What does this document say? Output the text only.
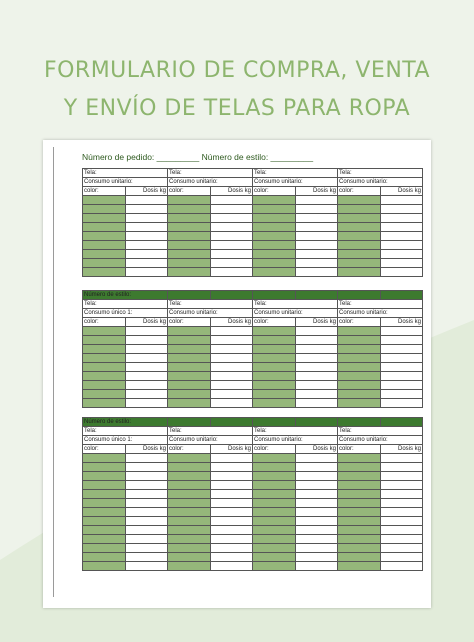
FORMULARIO DE COMPRA, VENTA
Y ENVÍO DE TELAS PARA ROPA
Número de pedido: _________ Número de estilo: _________
Tela:		Tela:		Tela:		Tela:	
Consumo unitario:		Consumo unitario:		Consumo unitario:		Consumo unitario:	
color:	Dosis kg	color:	Dosis kg	color:	Dosis kg	color:	Dosis kg

Número de estilo:							
Tela:		Tela:		Tela:		Tela:	
Consumo único 1:		Consumo unitario:		Consumo unitario:		Consumo unitario:	
color:	Dosis kg	color:	Dosis kg	color:	Dosis kg	color:	Dosis kg

Número de estilo:							
Tela:		Tela:		Tela:		Tela:	
Consumo único 1:		Consumo unitario:		Consumo unitario:		Consumo unitario:	
color:	Dosis kg	color:	Dosis kg	color:	Dosis kg	color:	Dosis kg
